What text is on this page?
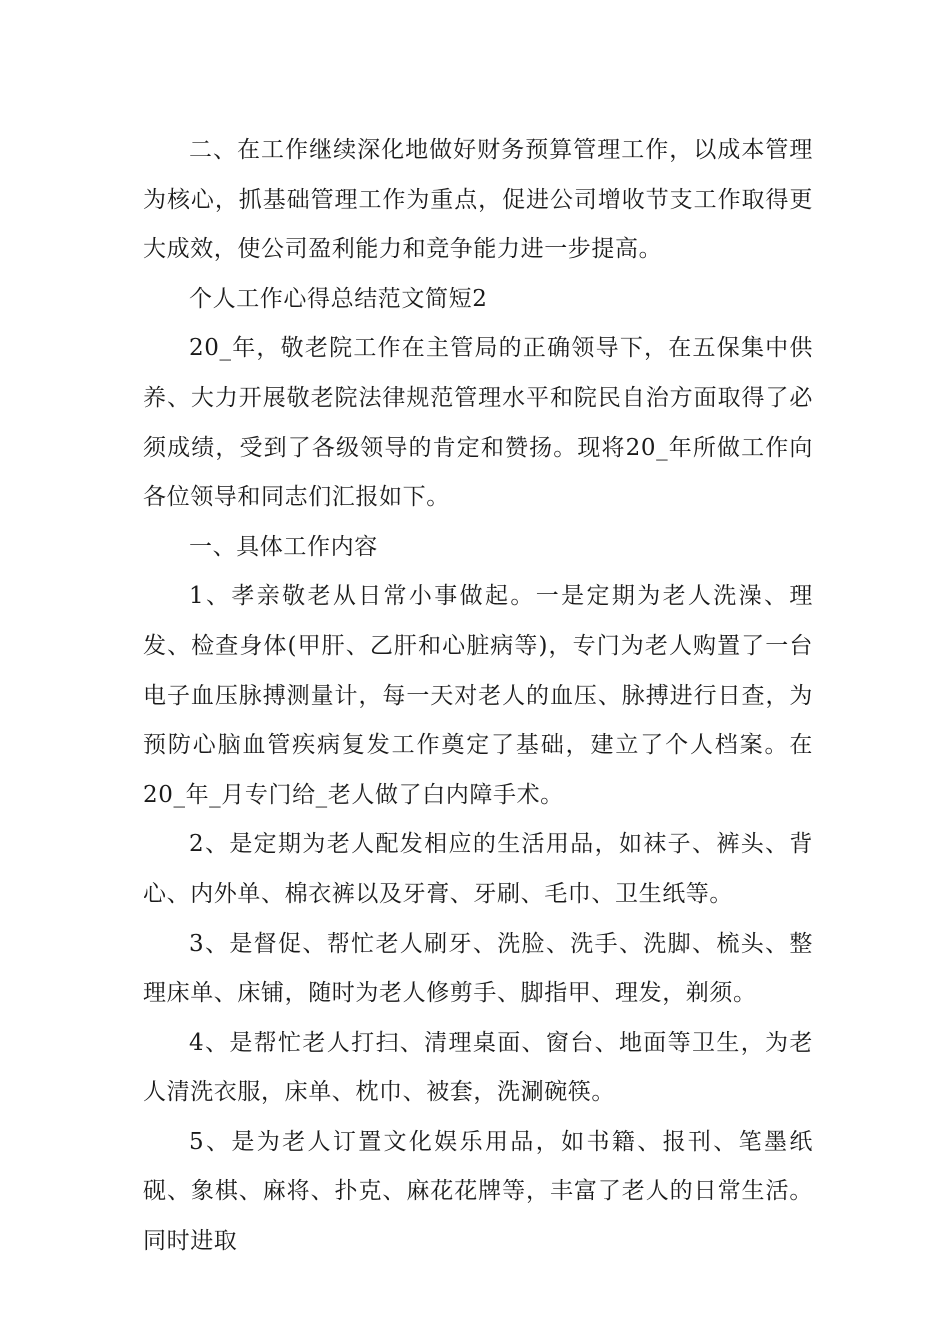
二、在工作继续深化地做好财务预算管理工作，以成本管理为核心，抓基础管理工作为重点，促进公司增收节支工作取得更大成效，使公司盈利能力和竞争能力进一步提高。

个人工作心得总结范文简短2

20_年，敬老院工作在主管局的正确领导下，在五保集中供养、大力开展敬老院法律规范管理水平和院民自治方面取得了必须成绩，受到了各级领导的肯定和赞扬。现将20_年所做工作向各位领导和同志们汇报如下。

一、具体工作内容

1、孝亲敬老从日常小事做起。一是定期为老人洗澡、理发、检查身体(甲肝、乙肝和心脏病等)，专门为老人购置了一台电子血压脉搏测量计，每一天对老人的血压、脉搏进行日查，为预防心脑血管疾病复发工作奠定了基础，建立了个人档案。在20_年_月专门给_老人做了白内障手术。

2、是定期为老人配发相应的生活用品，如袜子、裤头、背心、内外单、棉衣裤以及牙膏、牙刷、毛巾、卫生纸等。

3、是督促、帮忙老人刷牙、洗脸、洗手、洗脚、梳头、整理床单、床铺，随时为老人修剪手、脚指甲、理发，剃须。

4、是帮忙老人打扫、清理桌面、窗台、地面等卫生，为老人清洗衣服，床单、枕巾、被套，洗涮碗筷。

5、是为老人订置文化娱乐用品，如书籍、报刊、笔墨纸砚、象棋、麻将、扑克、麻花花牌等，丰富了老人的日常生活。同时进取
